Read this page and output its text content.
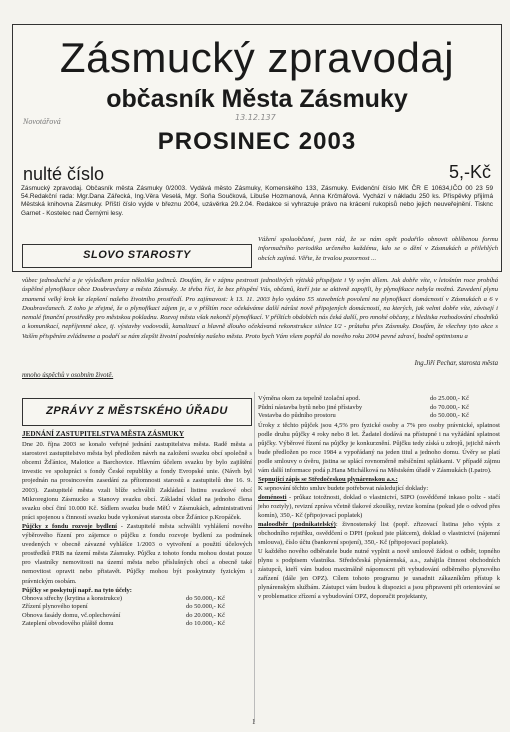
Zásmucký zpravodaj
občasník Města Zásmuky
13.12.137
Novotářová
PROSINEC 2003
nulté číslo	5,-Kč
Zásmucký zpravodaj. Občasník města Zásmuky 0/2003. Vydává město Zásmuky, Komenského 133, Zásmuky. Evidenční číslo MK ČR E 10634,IČO 00 23 59 54.Redakční rada: Mgr.Dana Zářecká, Ing.Věra Veselá, Mgr. Soňa Součková, Libuše Hozmanová, Anna Krčmářová. Vychází v nákladu 250 ks. Příspěvky přijímá Městská knihovna Zásmuky. Příští číslo vyjde v březnu 2004, uzávěrka 29.2.04. Redakce si vyhrazuje právo na krácení rukopisů nebo jejich neuveřejnění. Tisknc Garnet - Kostelec nad Černými lesy.
SLOVO STAROSTY
Vážení spoluobčané, jsem rád, že se nám opět podařilo obnovit oblíbenou formu informačního periodika určeného každému, kdo se o dění v Zásmukách a přilehlých obcích zajímá. Věřte, že trvalou pozornost ...
vůbec jednoduché a je výsledkem práce několika jedinců. Doufám, že v zájmu pestrosti jednotlivých výtisků přispějete i Vy svým dílem. Jak dobře víte, v letošním roce probíhá úspěšné plynofikace obce Doubravčany a města Zásmuky. Je třeba říci, že bez přispění Vás, občanů, kteří jste se aktivně zapojili, by plynofikace nebyla možná. Zavedení plynu znamená velký krok ke zlepšení našeho životního prostředí. Pro zajímavost: k 13. 11. 2003 bylo vydáno 55 stavebních povolení na plynofikaci domácností v Zásmukách a 6 v Doubravčanech. Z toho je zřejmé, že o plynofikaci zájem je, a v příštím roce očekáváme další nárůst nově připojených domácností, na kterých, jak velmi dobře víte, závisejí i nemalé finanční prostředky pro městskou pokladnu. Rozvoj města však nekončí plynofikací. V příštích obdobích nás čeká další, pro mnohé občany, z hlediska rozhodování chodníků a komunikací, nepříjemné akce, tj. výstavby vodovodů, kanalizací a hlavně dlouho očekávaná rekonstrukce silnice I/2 - průtahu přes Zásmuky. Doufám, že všechny tyto akce s Vaším přispěním zvládneme a podaří se nám zlepšit životní podmínky našeho města. Proto bych Vám všem popřál do nového roku 2004 pevné zdraví, hodně optimismu a
mnoho úspěchů v osobním životě.
Ing.Jiří Pechar, starosta města
ZPRÁVY Z MĚSTSKÉHO ÚŘADU
JEDNÁNÍ ZASTUPITELSTVA MĚSTA ZÁSMUKY
Dne 20. října 2003 se konalo veřejné jednání zastupitelstva města. Radě města a starostovi zastupitelstvo města byl předložen návrh na založení svazku obcí společně s obcemi Žďánice, Malotice a Barchovice. Hlavním účelem svazku by bylo zajištění investic ve spolupráci s fondy České republiky a fondy Evropské unie. (Návrh byl projednán na prosincovém zasedání za přítomnosti starostů a zastupitelů dne 16. 9. 2003). Zastupitelé města vzali blíže schválili Zakládací listinu svazkové obcí Mikroregionu Zásmucko a Stanovy svazku obcí. Základní vklad na jednoho člena svazku obcí činí 10.000 Kč. Sídlem svazku bude MěÚ v Zásmukách, administrativní práci spojenou s činností svazku bude vykonávat starosta obce Žďánice p.Kropáček.
Půjčky z fondu rozvoje bydlení - Zastupitelé města schválili vyhlášení nového výběrového řízení pro zájemce o půjčku z fondu rozvoje bydlení za podmínek uvedených v obecně závazné vyhlášce 1/2003 o vytvoření a použití účelových prostředků FRB na území města Zásmuky. Půjčku z tohoto fondu mohou dostat pouze pro vlastníky nemovitosti na území města nebo příslušných obcí a obecně také nemovitost opravit nebo přistavět. Půjčky mohou být poskytnuty fyzickým i právnickým osobám.
Půjčky se poskytují např. na tyto účely:
Obnova střechy (krytina a konstrukce)	do 50.000,- Kč
Zřízení plynového topení	do 50.000,- Kč
Obnova fasády domu, vč.oplechování	do 20.000,- Kč
Zateplení obvodového pláště domu	do 10.000,- Kč
Výměna oken za tepelně izolační apod.	do 25.000,- Kč
Půdní nástavba bytů nebo jiné přístavby	do 70.000,- Kč
Vestavba do půdního prostoru	do 50.000,- Kč
Úroky z těchto půjček jsou 4,5% pro fyzické osoby a 7% pro osoby právnické, splatnost podle druhu půjčky 4 roky nebo 8 let. Žadatel dodává na přístupné i na vyžádání splatnost půjčky. Výběrové řízení na půjčky je konkurznění. Půjčku tedy získá u zdrojů, jejichž návrh bude předložen po roce 1984 a vypořádaný na jeden titul a jednoho domu. Úvěry se platí podle smlouvy o úvěru, jistina se splácí rovnoměrně měsíčními splátkami. V případě zájmu vám další informace podá p.Hana Michálková na Městském úřadě v Zásmukách (I.patro).
Sepnující zápis se Středočeskou plynárenskou a.s.:
K sepnování těchto smluv budete potřebovat následující doklady:
doménosti - průkaz totožnosti, doklad o vlastnictví, SIPO (osvědčené inkaso poliz - stačí jeho roztyly), revizní zpráva včetně tlakové zkoušky, revize komína (pokud jde o odvod přes komín), 350,- Kč (připojovací poplatek)
maloodběr (podnikatelský): živnostenský list (popř. zřizovací listina jeho výpis z obchodního rejstříku, osvědčení o DPH (pokud jste plátcem), doklad o vlastnictví (nájemní smlouva), číslo účtu (bankovní spojení), 350,- Kč (připojovací poplatek).
U každého nového odběratele bude nutné vyplnit a nově smlouvě žádost o odběr, topného plynu s podpisem vlastníka. Středočeská plynárenská, a.s., zahájila činnost obchodních zástupců, kteří vám budou maximálně nápomocni při vybudování odběrného plynového zařízení (dále jen OPZ). Cílem tohoto programu je usnadnit zákazníkům přístup k plynárenským službám. Zástupci vám budou k dispozici a jsou připraveni při orientování se v problematice zřízení a vybudování OPZ, doporučit projektanty,
1
